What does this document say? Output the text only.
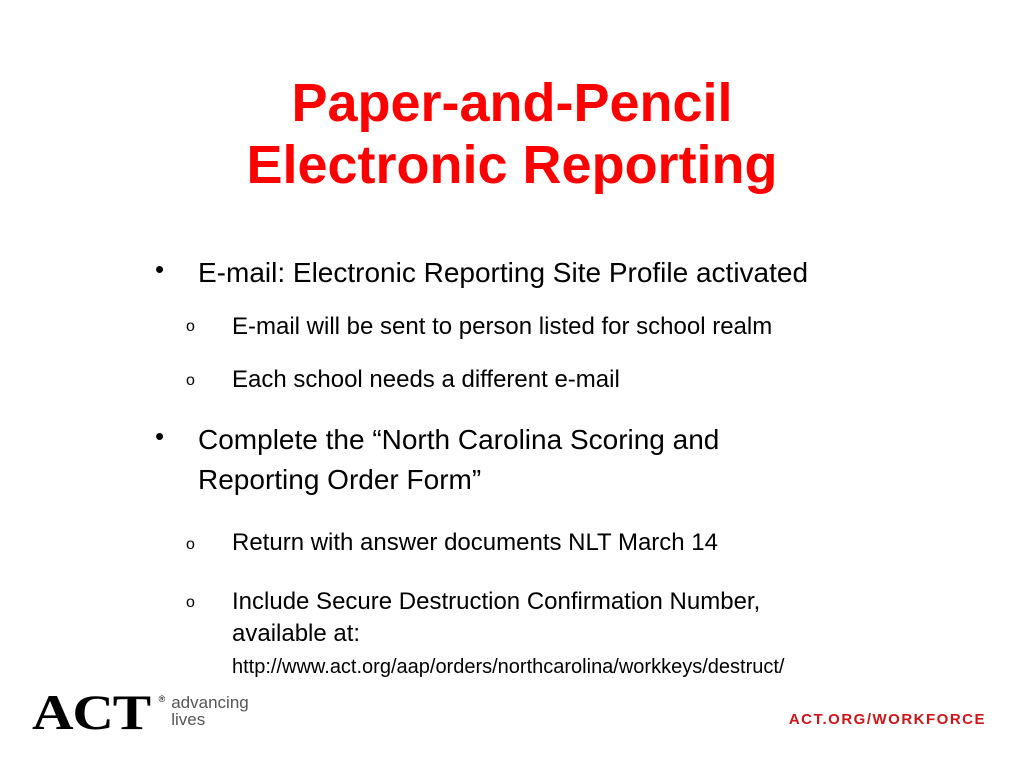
Paper-and-Pencil
Electronic Reporting
• E-mail: Electronic Reporting Site Profile activated
o E-mail will be sent to person listed for school realm
o Each school needs a different e-mail
• Complete the “North Carolina Scoring and
Reporting Order Form”
o Return with answer documents NLT March 14
o Include Secure Destruction Confirmation Number,
available at:
http://www.act.org/aap/orders/northcarolina/workkeys/destruct/
ACT ® advancing
lives	ACT.ORG/WORKFORCE
